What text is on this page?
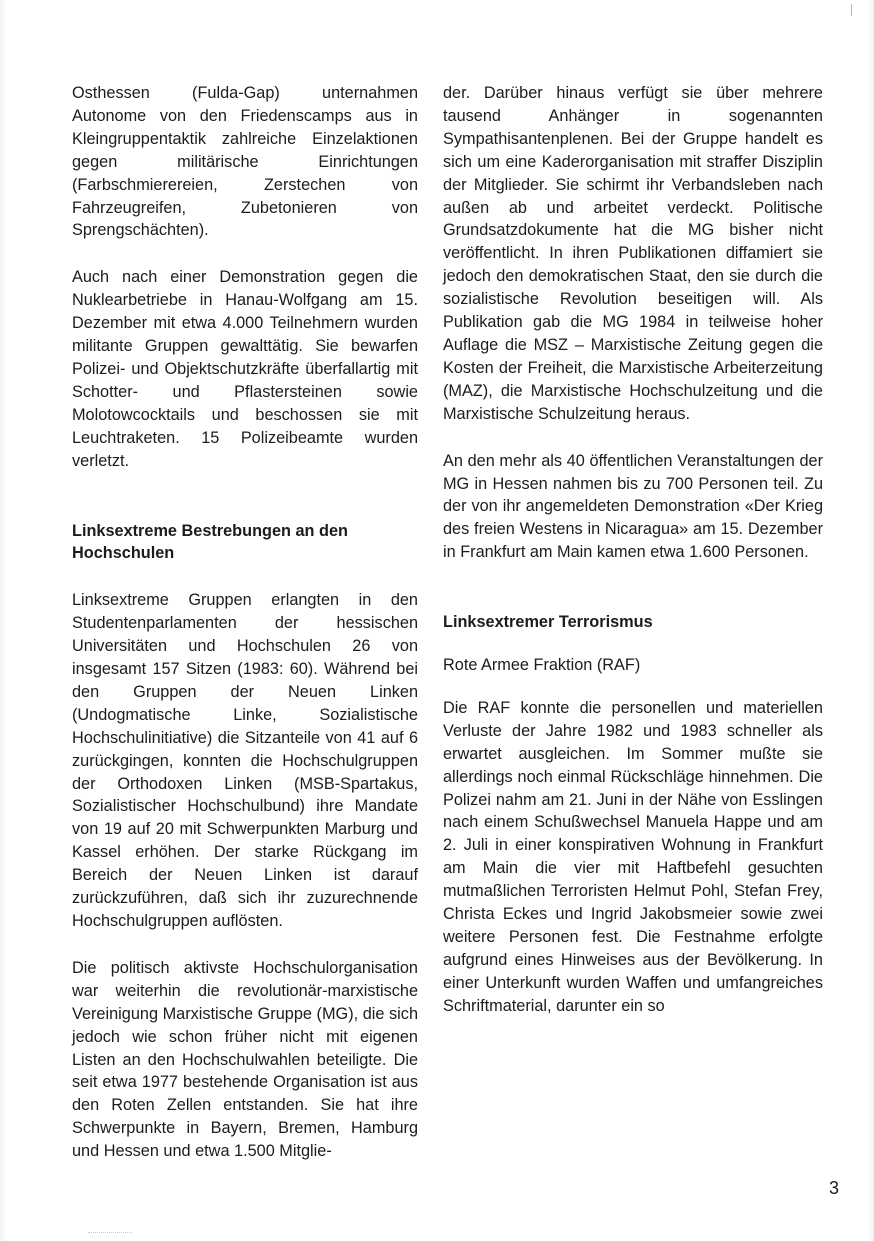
Osthessen (Fulda-Gap) unternahmen Autonome von den Friedenscamps aus in Kleingruppentaktik zahlreiche Einzelaktionen gegen militärische Einrichtungen (Farbschmierereien, Zerstechen von Fahrzeugreifen, Zubetonieren von Sprengschächten).

Auch nach einer Demonstration gegen die Nuklearbetriebe in Hanau-Wolfgang am 15. Dezember mit etwa 4.000 Teilnehmern wurden militante Gruppen gewalttätig. Sie bewarfen Polizei- und Objektschutzkräfte überfallartig mit Schotter- und Pflastersteinen sowie Molotowcocktails und beschossen sie mit Leuchtraketen. 15 Polizeibeamte wurden verletzt.

Linksextreme Bestrebungen an den Hochschulen

Linksextreme Gruppen erlangten in den Studentenparlamenten der hessischen Universitäten und Hochschulen 26 von insgesamt 157 Sitzen (1983: 60). Während bei den Gruppen der Neuen Linken (Undogmatische Linke, Sozialistische Hochschulinitiative) die Sitzanteile von 41 auf 6 zurückgingen, konnten die Hochschulgruppen der Orthodoxen Linken (MSB-Spartakus, Sozialistischer Hochschulbund) ihre Mandate von 19 auf 20 mit Schwerpunkten Marburg und Kassel erhöhen. Der starke Rückgang im Bereich der Neuen Linken ist darauf zurückzuführen, daß sich ihr zuzurechnende Hochschulgruppen auflösten.

Die politisch aktivste Hochschulorganisation war weiterhin die revolutionär-marxistische Vereinigung Marxistische Gruppe (MG), die sich jedoch wie schon früher nicht mit eigenen Listen an den Hochschulwahlen beteiligte. Die seit etwa 1977 bestehende Organisation ist aus den Roten Zellen entstanden. Sie hat ihre Schwerpunkte in Bayern, Bremen, Hamburg und Hessen und etwa 1.500 Mitglie-

der. Darüber hinaus verfügt sie über mehrere tausend Anhänger in sogenannten Sympathisantenplenen. Bei der Gruppe handelt es sich um eine Kaderorganisation mit straffer Disziplin der Mitglieder. Sie schirmt ihr Verbandsleben nach außen ab und arbeitet verdeckt. Politische Grundsatzdokumente hat die MG bisher nicht veröffentlicht. In ihren Publikationen diffamiert sie jedoch den demokratischen Staat, den sie durch die sozialistische Revolution beseitigen will. Als Publikation gab die MG 1984 in teilweise hoher Auflage die MSZ – Marxistische Zeitung gegen die Kosten der Freiheit, die Marxistische Arbeiterzeitung (MAZ), die Marxistische Hochschulzeitung und die Marxistische Schulzeitung heraus.

An den mehr als 40 öffentlichen Veranstaltungen der MG in Hessen nahmen bis zu 700 Personen teil. Zu der von ihr angemeldeten Demonstration «Der Krieg des freien Westens in Nicaragua» am 15. Dezember in Frankfurt am Main kamen etwa 1.600 Personen.

Linksextremer Terrorismus

Rote Armee Fraktion (RAF)

Die RAF konnte die personellen und materiellen Verluste der Jahre 1982 und 1983 schneller als erwartet ausgleichen. Im Sommer mußte sie allerdings noch einmal Rückschläge hinnehmen. Die Polizei nahm am 21. Juni in der Nähe von Esslingen nach einem Schußwechsel Manuela Happe und am 2. Juli in einer konspirativen Wohnung in Frankfurt am Main die vier mit Haftbefehl gesuchten mutmaßlichen Terroristen Helmut Pohl, Stefan Frey, Christa Eckes und Ingrid Jakobsmeier sowie zwei weitere Personen fest. Die Festnahme erfolgte aufgrund eines Hinweises aus der Bevölkerung. In einer Unterkunft wurden Waffen und umfangreiches Schriftmaterial, darunter ein so

3
